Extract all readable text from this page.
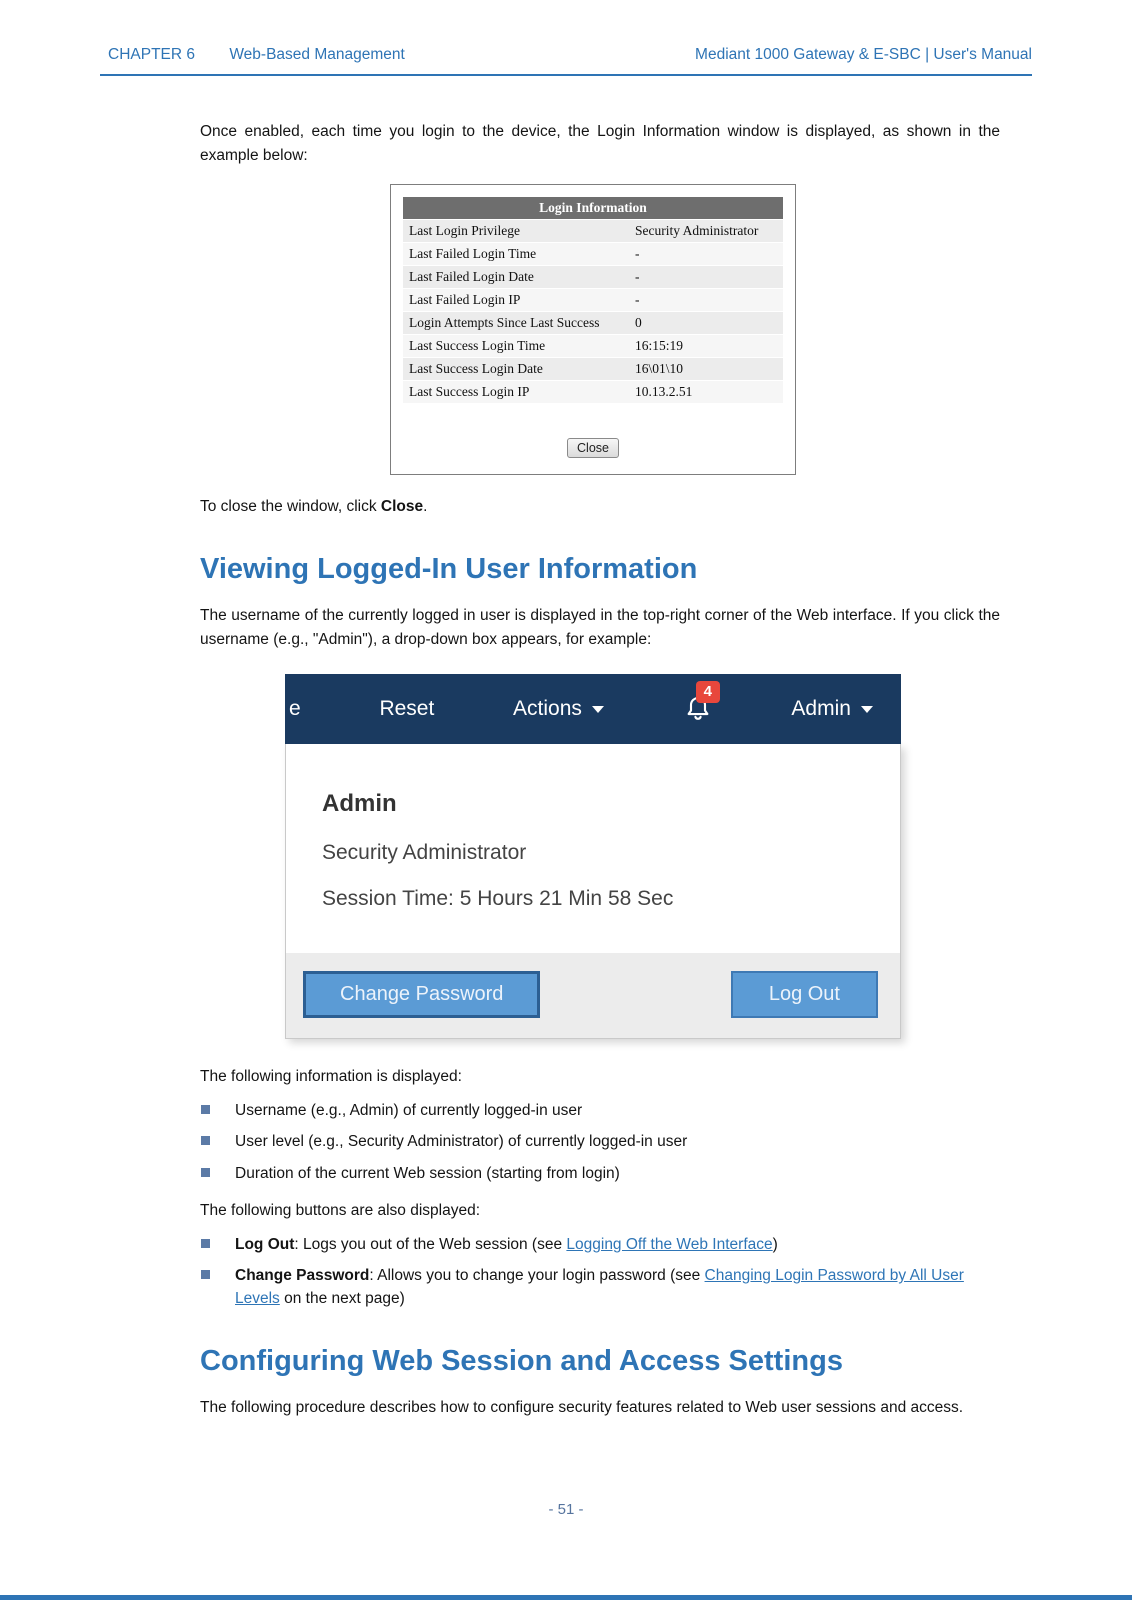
CHAPTER 6 Web-Based Management	Mediant 1000 Gateway & E-SBC | User's Manual

Once enabled, each time you login to the device, the Login Information window is displayed, as shown in the example below:

Login Information
Last Login Privilege	Security Administrator
Last Failed Login Time	-
Last Failed Login Date	-
Last Failed Login IP	-
Login Attempts Since Last Success	0
Last Success Login Time	16:15:19
Last Success Login Date	16\01\10
Last Success Login IP	10.13.2.51
Close

To close the window, click Close.

Viewing Logged-In User Information

The username of the currently logged in user is displayed in the top-right corner of the Web interface. If you click the username (e.g., "Admin"), a drop-down box appears, for example:

e	Reset	Actions
4
Admin
Admin
Security Administrator
Session Time: 5 Hours 21 Min 58 Sec
Change Password	Log Out

The following information is displayed:

Username (e.g., Admin) of currently logged-in user
User level (e.g., Security Administrator) of currently logged-in user
Duration of the current Web session (starting from login)

The following buttons are also displayed:

Log Out: Logs you out of the Web session (see Logging Off the Web Interface)
Change Password: Allows you to change your login password (see Changing Login Password by All User Levels on the next page)
Configuring Web Session and Access Settings

The following procedure describes how to configure security features related to Web user sessions and access.

- 51 -
